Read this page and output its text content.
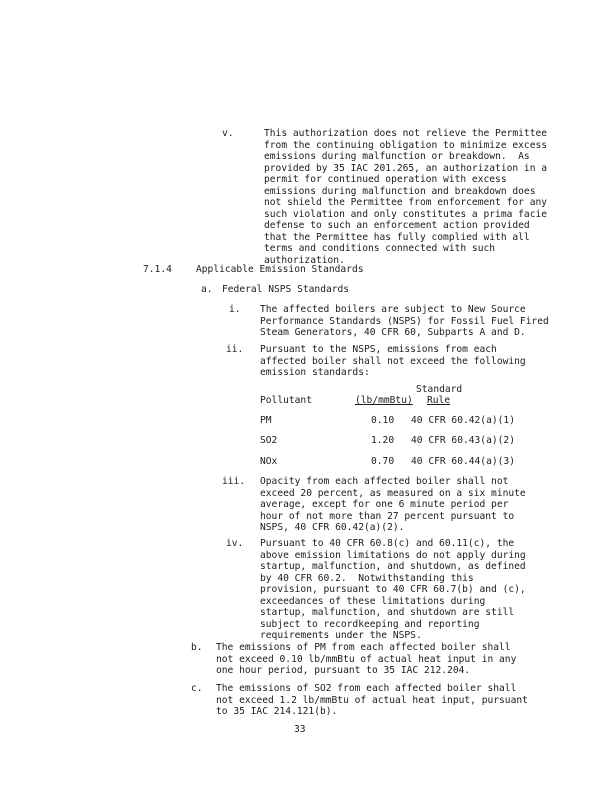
v.	This authorization does not relieve the Permittee
from the continuing obligation to minimize excess
emissions during malfunction or breakdown.  As
provided by 35 IAC 201.265, an authorization in a
permit for continued operation with excess
emissions during malfunction and breakdown does
not shield the Permittee from enforcement for any
such violation and only constitutes a prima facie
defense to such an enforcement action provided
that the Permittee has fully complied with all
terms and conditions connected with such
authorization.
7.1.4	Applicable Emission Standards
a. Federal NSPS Standards
i. The affected boilers are subject to New Source
Performance Standards (NSPS) for Fossil Fuel Fired
Steam Generators, 40 CFR 60, Subparts A and D.
ii. Pursuant to the NSPS, emissions from each
affected boiler shall not exceed the following
emission standards:
Standard
Pollutant	(lb/mmBtu) Rule
PM	0.10 40 CFR 60.42(a)(1)
SO2	1.20 40 CFR 60.43(a)(2)
NOx	0.70 40 CFR 60.44(a)(3)
iii. Opacity from each affected boiler shall not
exceed 20 percent, as measured on a six minute
average, except for one 6 minute period per
hour of not more than 27 percent pursuant to
NSPS, 40 CFR 60.42(a)(2).
iv. Pursuant to 40 CFR 60.8(c) and 60.11(c), the
above emission limitations do not apply during
startup, malfunction, and shutdown, as defined
by 40 CFR 60.2.  Notwithstanding this
provision, pursuant to 40 CFR 60.7(b) and (c),
exceedances of these limitations during
startup, malfunction, and shutdown are still
subject to recordkeeping and reporting
requirements under the NSPS.
b. The emissions of PM from each affected boiler shall
not exceed 0.10 lb/mmBtu of actual heat input in any
one hour period, pursuant to 35 IAC 212.204.
c. The emissions of SO2 from each affected boiler shall
not exceed 1.2 lb/mmBtu of actual heat input, pursuant
to 35 IAC 214.121(b).
33
